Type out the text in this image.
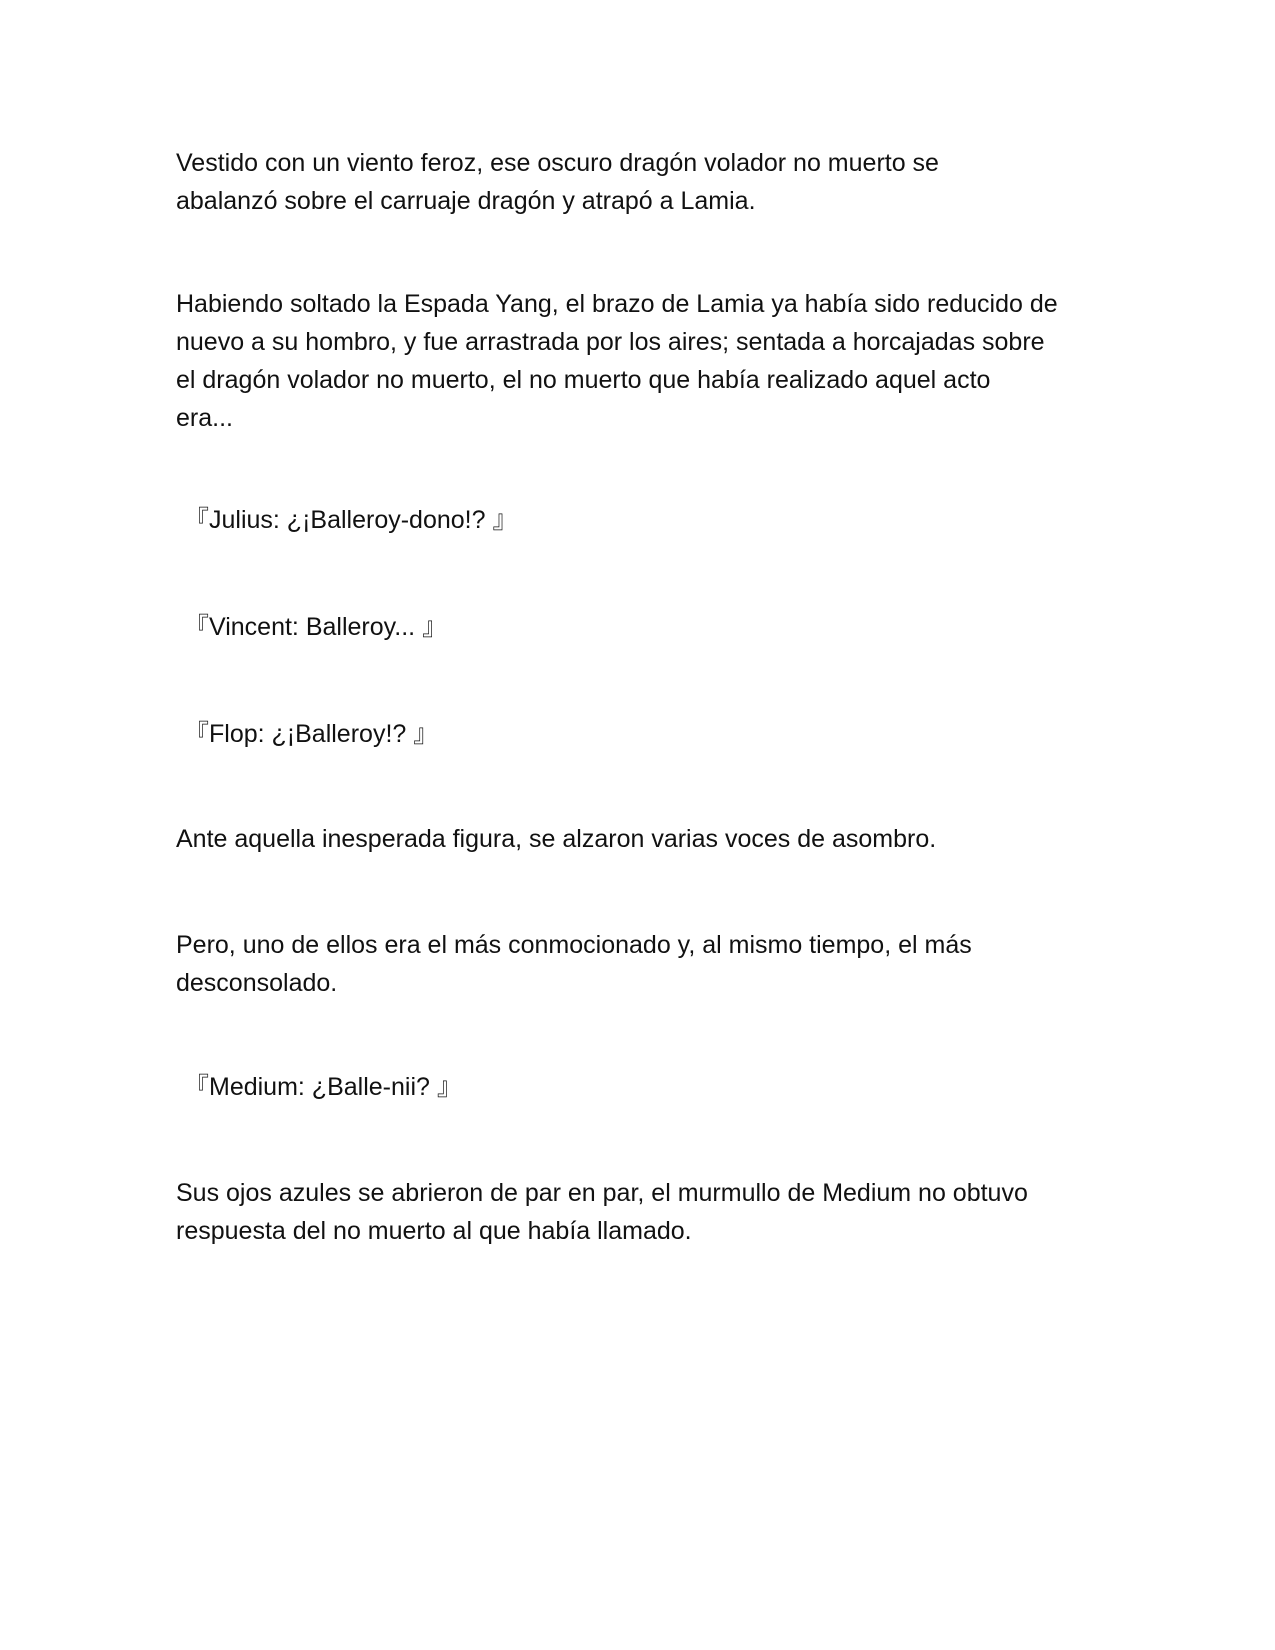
Vestido con un viento feroz, ese oscuro dragón volador no muerto se
abalanzó sobre el carruaje dragón y atrapó a Lamia.

Habiendo soltado la Espada Yang, el brazo de Lamia ya había sido reducido de
nuevo a su hombro, y fue arrastrada por los aires; sentada a horcajadas sobre
el dragón volador no muerto, el no muerto que había realizado aquel acto
era...

『Julius: ¿¡Balleroy-dono!? 』

『Vincent: Balleroy... 』

『Flop: ¿¡Balleroy!? 』

Ante aquella inesperada figura, se alzaron varias voces de asombro.

Pero, uno de ellos era el más conmocionado y, al mismo tiempo, el más
desconsolado.

『Medium: ¿Balle-nii? 』

Sus ojos azules se abrieron de par en par, el murmullo de Medium no obtuvo
respuesta del no muerto al que había llamado.
